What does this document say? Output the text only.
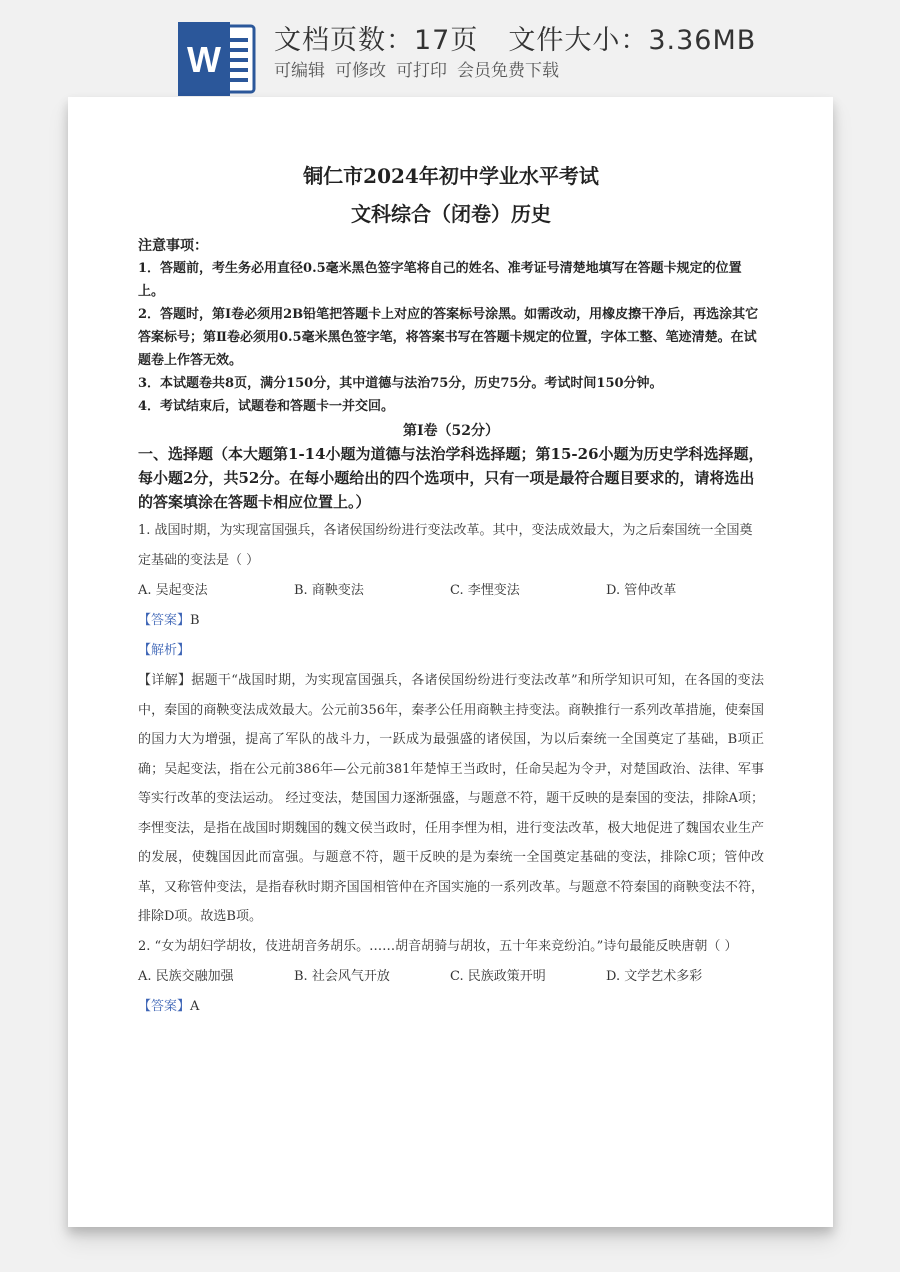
W 文档页数：17页 文件大小：3.36MB
可编辑 可修改 可打印 会员免费下载

铜仁市2024年初中学业水平考试

文科综合（闭卷）历史

注意事项：

1．答题前，考生务必用直径0.5毫米黑色签字笔将自己的姓名、准考证号清楚地填写在答题卡规定的位置上。

2．答题时，第Ⅰ卷必须用2B铅笔把答题卡上对应的答案标号涂黑。如需改动，用橡皮擦干净后，再选涂其它答案标号；第Ⅱ卷必须用0.5毫米黑色签字笔，将答案书写在答题卡规定的位置，字体工整、笔迹清楚。在试题卷上作答无效。

3．本试题卷共8页，满分150分，其中道德与法治75分，历史75分。考试时间150分钟。

4．考试结束后，试题卷和答题卡一并交回。

第Ⅰ卷（52分）

一、选择题（本大题第1-14小题为道德与法治学科选择题；第15-26小题为历史学科选择题，每小题2分，共52分。在每小题给出的四个选项中，只有一项是最符合题目要求的，请将选出的答案填涂在答题卡相应位置上。）

1. 战国时期，为实现富国强兵，各诸侯国纷纷进行变法改革。其中，变法成效最大，为之后秦国统一全国奠定基础的变法是（ ）

A. 吴起变法	B. 商鞅变法	C. 李悝变法	D. 管仲改革

【答案】B

【解析】

【详解】据题干“战国时期，为实现富国强兵，各诸侯国纷纷进行变法改革”和所学知识可知，在各国的变法中，秦国的商鞅变法成效最大。公元前356年，秦孝公任用商鞅主持变法。商鞅推行一系列改革措施，使秦国的国力大为增强，提高了军队的战斗力，一跃成为最强盛的诸侯国，为以后秦统一全国奠定了基础，B项正确；吴起变法，指在公元前386年—公元前381年楚悼王当政时，任命吴起为令尹，对楚国政治、法律、军事等实行改革的变法运动。 经过变法，楚国国力逐渐强盛，与题意不符，题干反映的是秦国的变法，排除A项；李悝变法，是指在战国时期魏国的魏文侯当政时，任用李悝为相，进行变法改革，极大地促进了魏国农业生产的发展，使魏国因此而富强。与题意不符，题干反映的是为秦统一全国奠定基础的变法，排除C项；管仲改革，又称管仲变法，是指春秋时期齐国国相管仲在齐国实施的一系列改革。与题意不符秦国的商鞅变法不符，排除D项。故选B项。

2. “女为胡妇学胡妆，伎进胡音务胡乐。……胡音胡骑与胡妆，五十年来竞纷泊。”诗句最能反映唐朝（ ）

A. 民族交融加强	B. 社会风气开放	C. 民族政策开明	D. 文学艺术多彩

【答案】A
